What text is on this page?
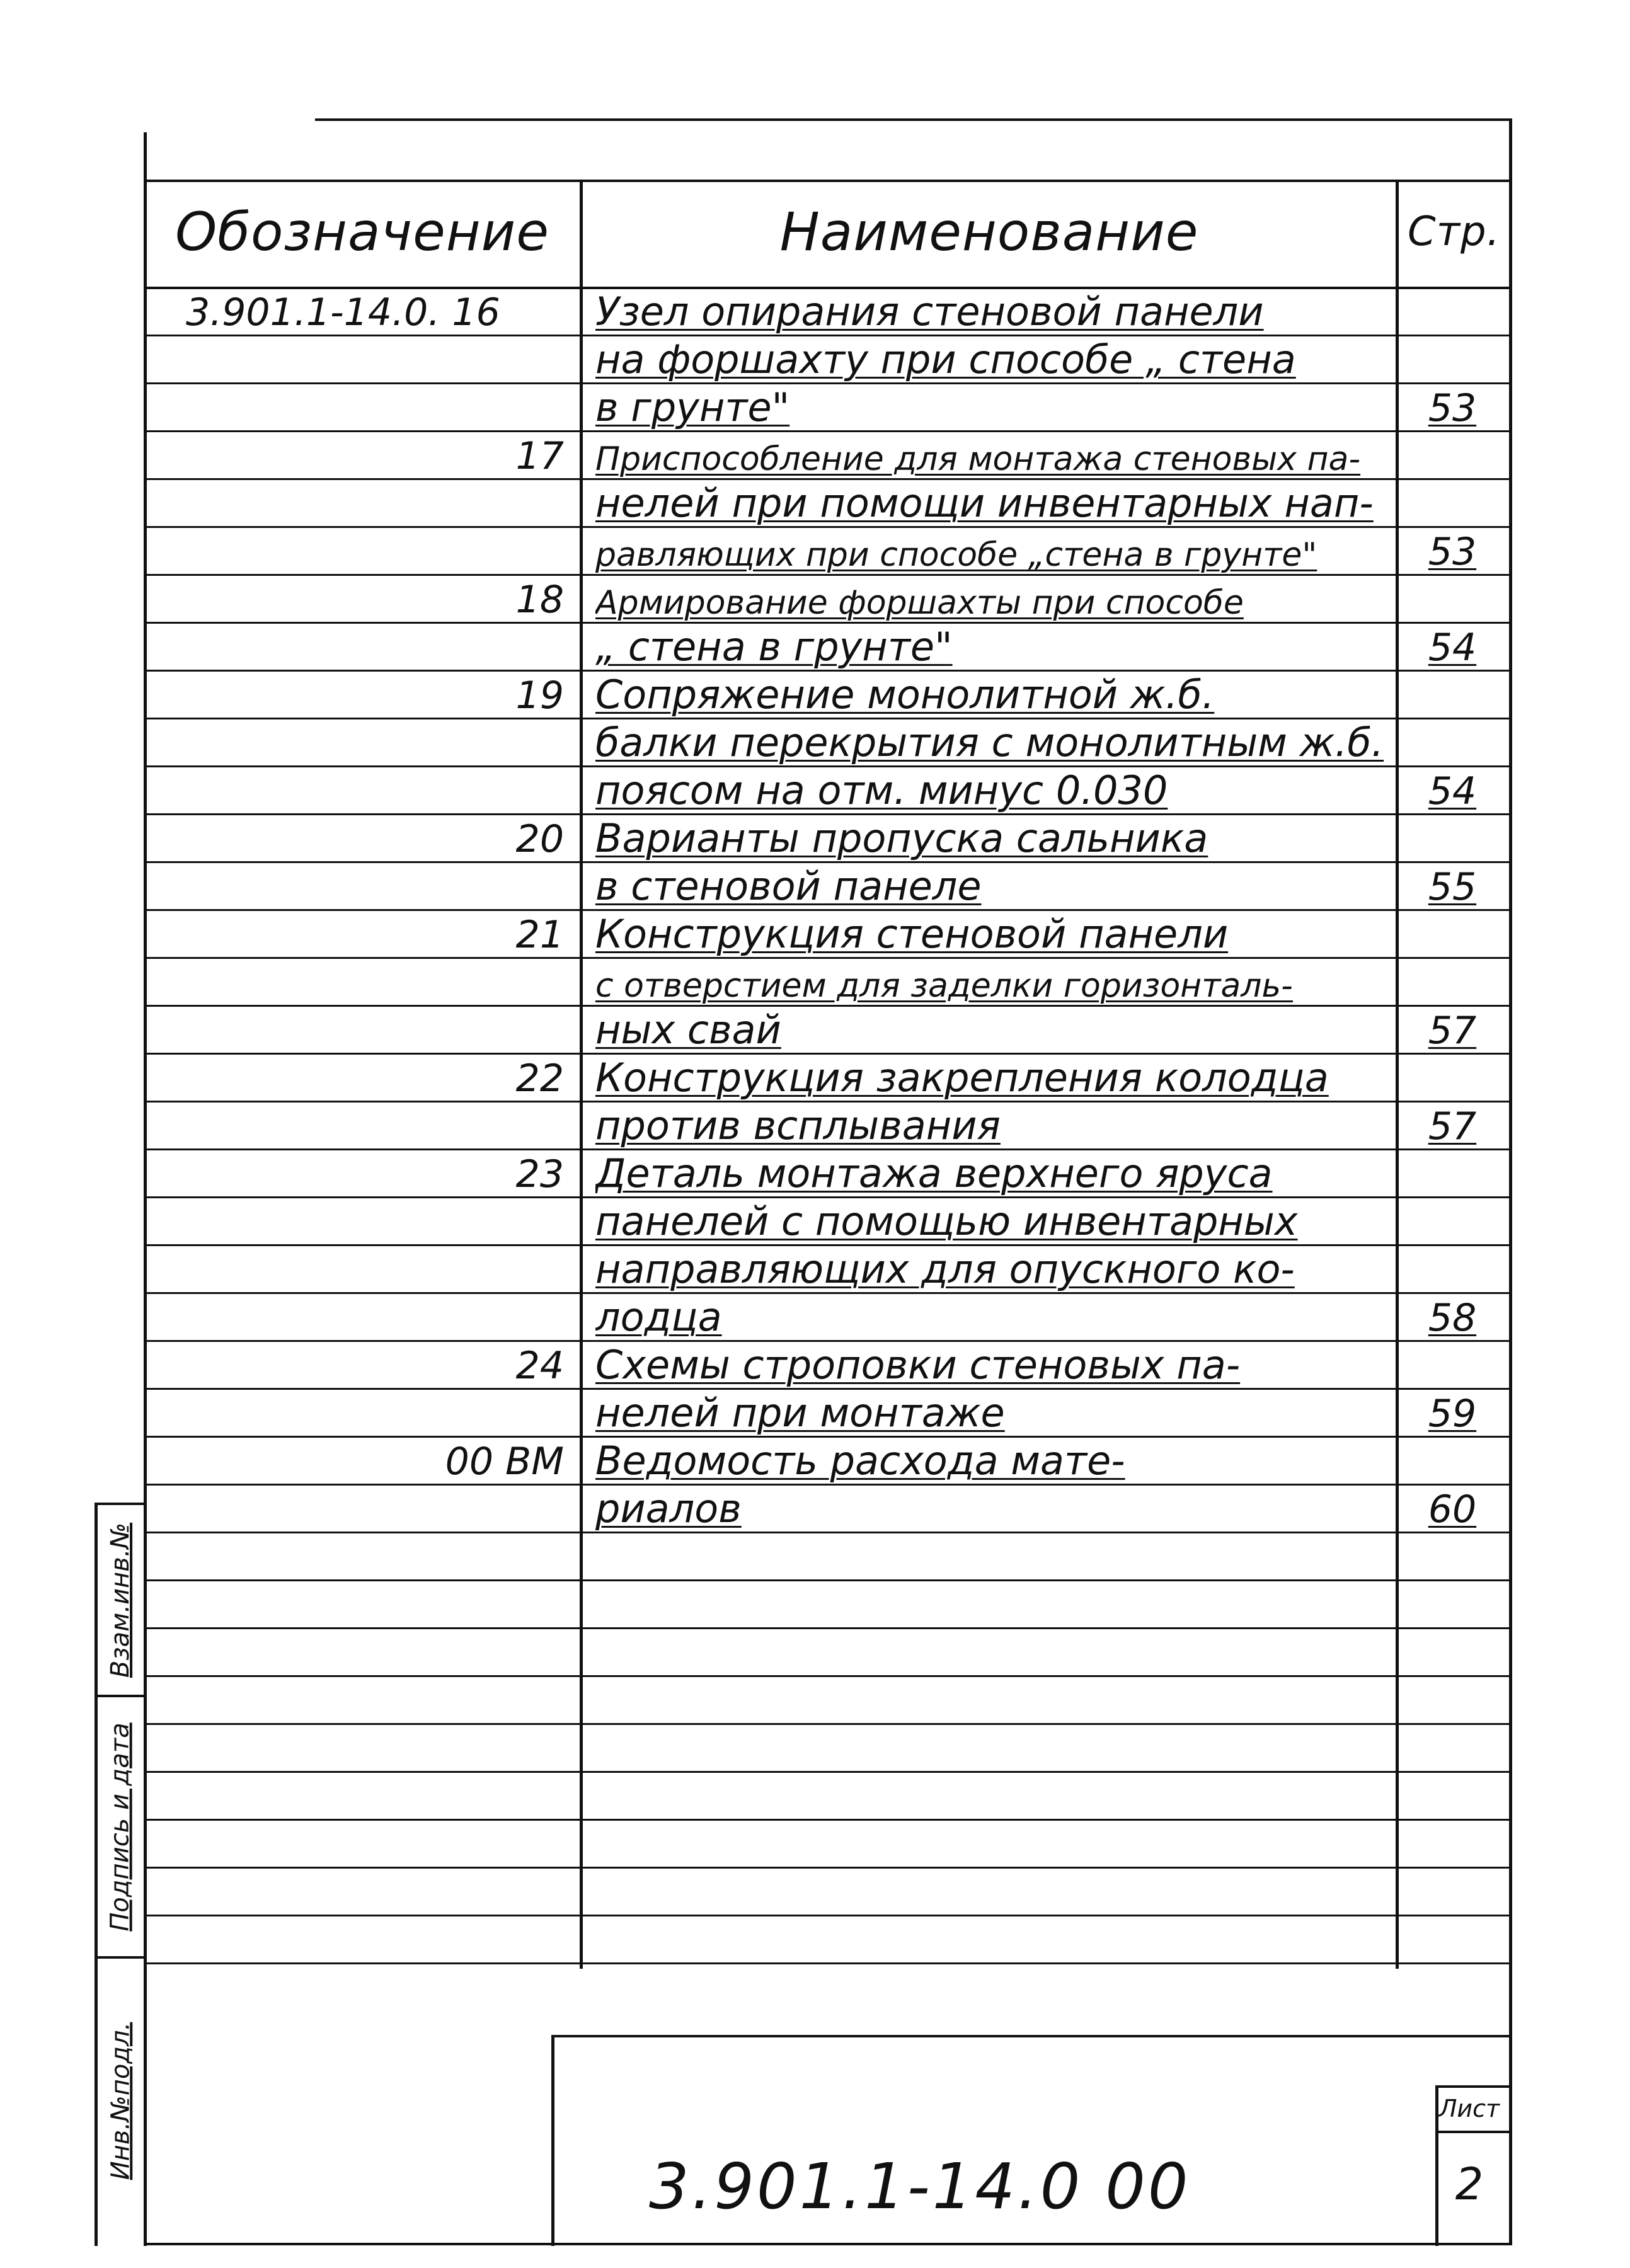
Обозначение	Наименование	Стр.
3.901.1-14.0. 16	Узел опирания стеновой панели
на форшахту при способе „ стена
в грунте"	53
17 Приспособление для монтажа стеновых па-
нелей при помощи инвентарных нап-
равляющих при способе „стена в грунте"	53
18 Армирование форшахты при способе
„ стена в грунте"	54
19 Сопряжение монолитной ж.б.
балки перекрытия с монолитным ж.б.
поясом на отм. минус 0.030	54
20 Варианты пропуска сальника
в стеновой панеле	55
21 Конструкция стеновой панели
с отверстием для заделки горизонталь-
ных свай	57
22 Конструкция закрепления колодца
против всплывания	57
23 Деталь монтажа верхнего яруса
панелей с помощью инвентарных
направляющих для опускного ко-
лодца	58
24 Схемы строповки стеновых па-
нелей при монтаже	59
00 ВМ Ведомость расхода мате-
риалов	60
Взам.инв.№
Подпись и дата
Инв.№подл.
3.901.1-14.0 00
Лист
2
